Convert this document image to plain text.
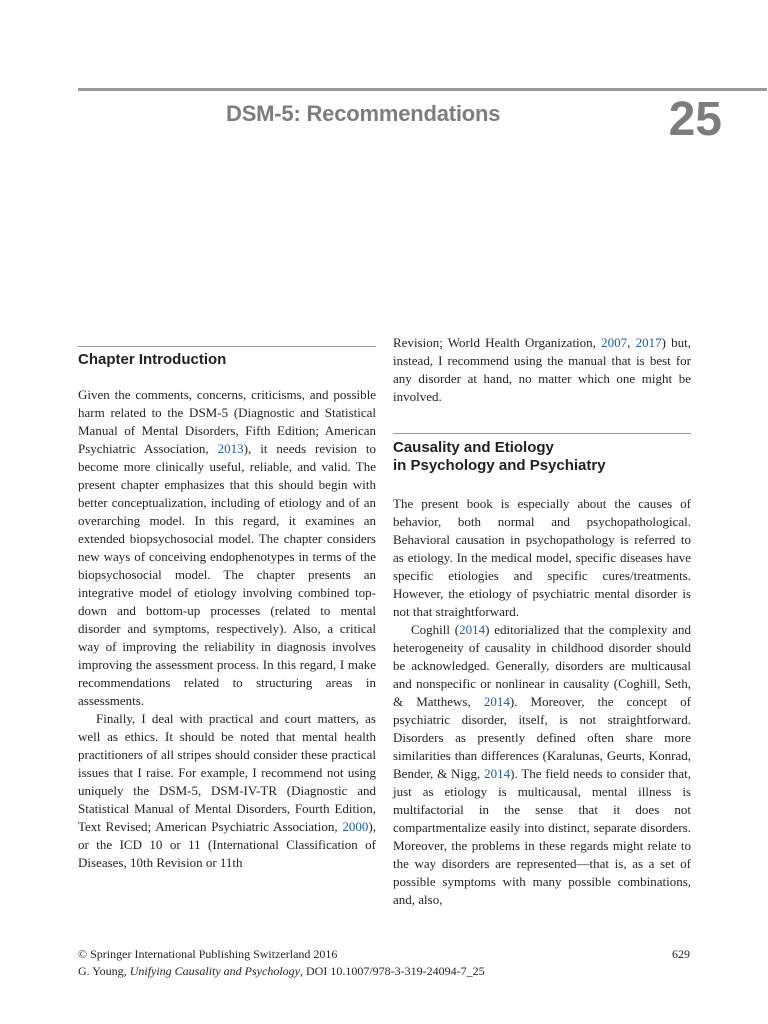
DSM-5: Recommendations	25
Chapter Introduction

Given the comments, concerns, criticisms, and possible harm related to the DSM-5 (Diagnostic and Statistical Manual of Mental Disorders, Fifth Edition; American Psychiatric Association, 2013), it needs revision to become more clinically useful, reliable, and valid. The present chapter emphasizes that this should begin with better conceptualization, including of etiology and of an overarching model. In this regard, it examines an extended biopsychosocial model. The chapter considers new ways of conceiving endophenotypes in terms of the biopsychosocial model. The chapter presents an integrative model of etiology involving combined top-down and bottom-up processes (related to mental disorder and symptoms, respectively). Also, a critical way of improving the reliability in diagnosis involves improving the assessment process. In this regard, I make recommendations related to structuring areas in assessments.

Finally, I deal with practical and court matters, as well as ethics. It should be noted that mental health practitioners of all stripes should consider these practical issues that I raise. For example, I recommend not using uniquely the DSM-5, DSM-IV-TR (Diagnostic and Statistical Manual of Mental Disorders, Fourth Edition, Text Revised; American Psychiatric Association, 2000), or the ICD 10 or 11 (International Classification of Diseases, 10th Revision or 11th

Revision; World Health Organization, 2007, 2017) but, instead, I recommend using the manual that is best for any disorder at hand, no matter which one might be involved.

Causality and Etiology
in Psychology and Psychiatry

The present book is especially about the causes of behavior, both normal and psychopathological. Behavioral causation in psychopathology is referred to as etiology. In the medical model, specific diseases have specific etiologies and specific cures/treatments. However, the etiology of psychiatric mental disorder is not that straightforward.

Coghill (2014) editorialized that the complexity and heterogeneity of causality in childhood disorder should be acknowledged. Generally, disorders are multicausal and nonspecific or nonlinear in causality (Coghill, Seth, & Matthews, 2014). Moreover, the concept of psychiatric disorder, itself, is not straightforward. Disorders as presently defined often share more similarities than differences (Karalunas, Geurts, Konrad, Bender, & Nigg, 2014). The field needs to consider that, just as etiology is multicausal, mental illness is multifactorial in the sense that it does not compartmentalize easily into distinct, separate disorders. Moreover, the problems in these regards might relate to the way disorders are represented—that is, as a set of possible symptoms with many possible combinations, and, also,

© Springer International Publishing Switzerland 2016
G. Young, Unifying Causality and Psychology, DOI 10.1007/978-3-319-24094-7_25
629
